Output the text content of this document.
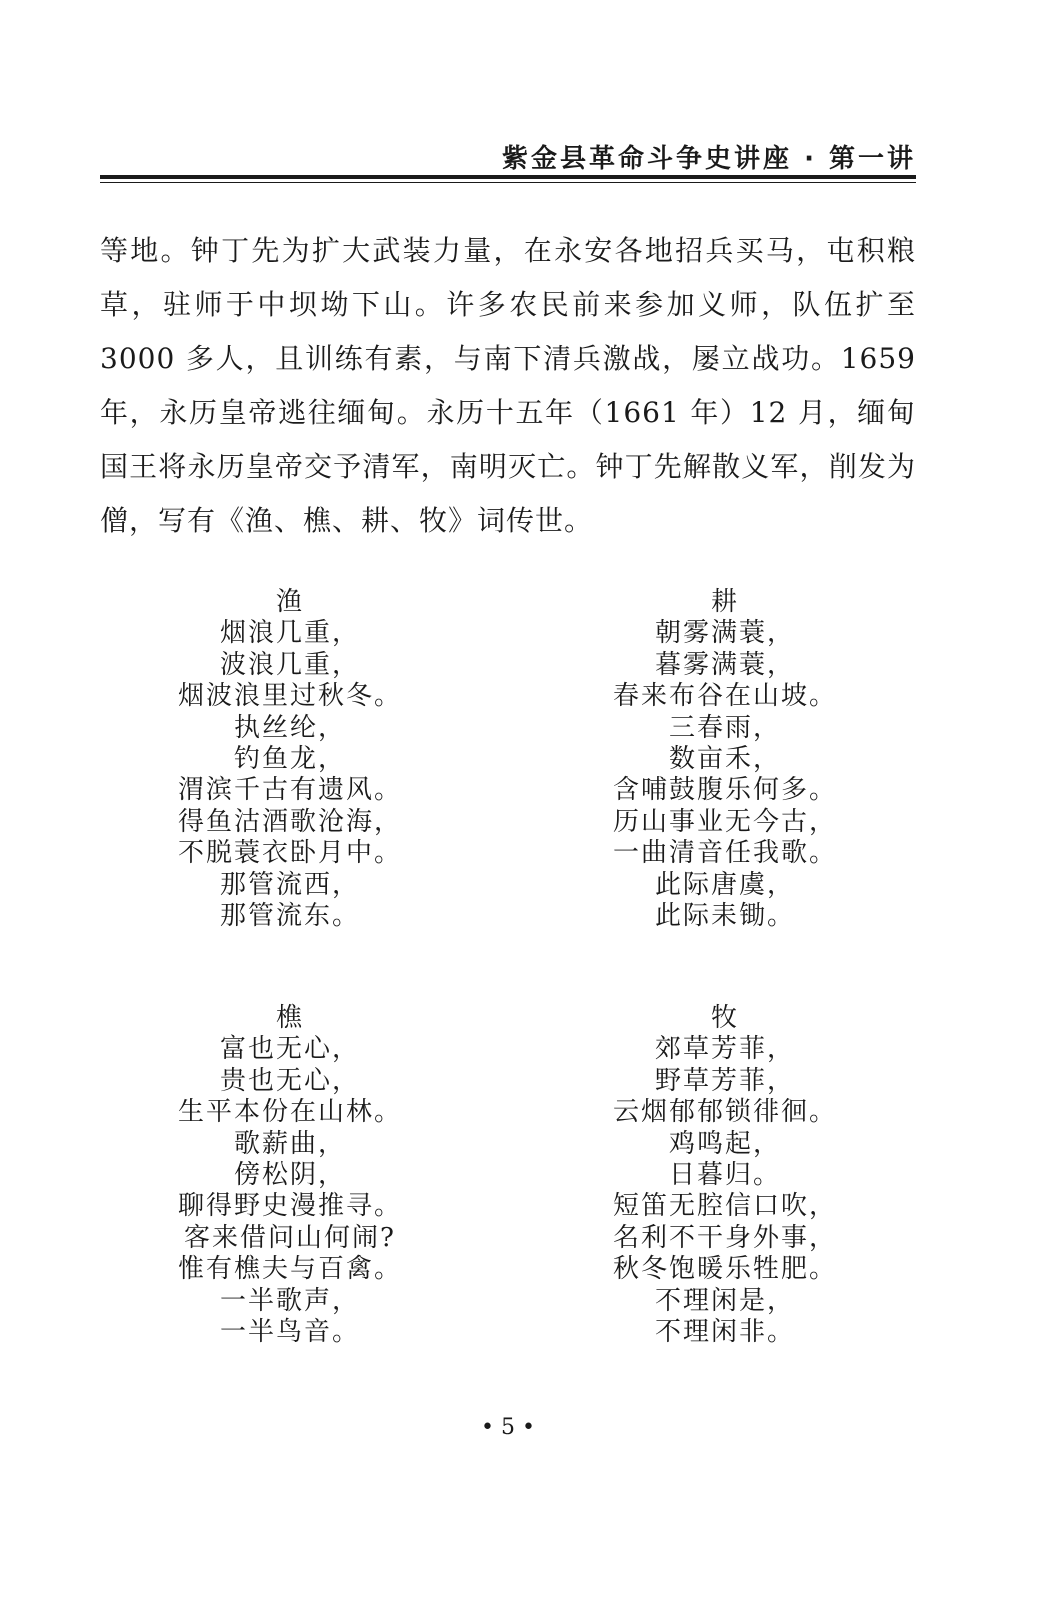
紫金县革命斗争史讲座 · 第一讲

等地。钟丁先为扩大武装力量，在永安各地招兵买马，屯积粮草，驻师于中坝坳下山。许多农民前来参加义师，队伍扩至3000 多人，且训练有素，与南下清兵激战，屡立战功。1659 年，永历皇帝逃往缅甸。永历十五年（1661 年）12 月，缅甸国王将永历皇帝交予清军，南明灭亡。钟丁先解散义军，削发为僧，写有《渔、樵、耕、牧》词传世。

渔

烟浪几重，

波浪几重，

烟波浪里过秋冬。

执丝纶，

钓鱼龙，

渭滨千古有遗风。

得鱼沽酒歌沧海，

不脱蓑衣卧月中。

那管流西，

那管流东。

耕

朝雾满蓑，

暮雾满蓑，

春来布谷在山坡。

三春雨，

数亩禾，

含哺鼓腹乐何多。

历山事业无今古，

一曲清音任我歌。

此际唐虞，

此际耒锄。

樵

富也无心，

贵也无心，

生平本份在山林。

歌薪曲，

傍松阴，

聊得野史漫推寻。

客来借问山何闹?

惟有樵夫与百禽。

一半歌声，

一半鸟音。

牧

郊草芳菲，

野草芳菲，

云烟郁郁锁徘徊。

鸡鸣起，

日暮归。

短笛无腔信口吹，

名利不干身外事，

秋冬饱暖乐牲肥。

不理闲是，

不理闲非。

• 5 •
